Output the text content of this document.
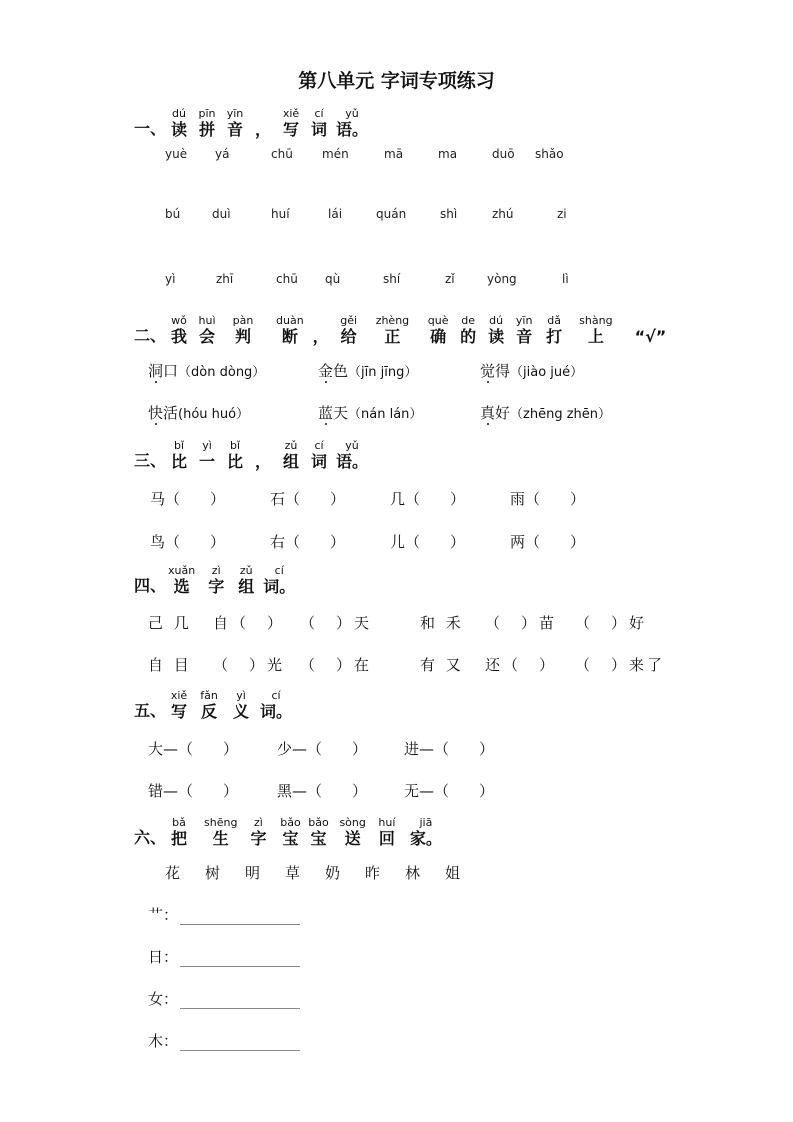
第八单元 字词专项练习
一、
dú
读
pīn
拼
yīn
音 ，
xiě
写
cí
词
yǔ
语。
yuè yá	chū mén	mā	ma	duō shǎo
bú	duì	huí	lái	quán	shì	zhú	zi
yì	zhī	chū qù	shí	zǐ	yòng	lì
二、
wǒ
我
huì
会
pàn
判
duàn
断 ，
gěi
给
zhèng
正
què
确
de
的
dú
读
yīn
音
dǎ
打
shàng
上 “√”
洞口（dòn dòng）	金色（jīn jīng）	觉得（jiào jué）
快活(hóu huó）	蓝天（nán lán）	真好（zhēng zhēn）
三、
bǐ
比
yì
一
bǐ
比 ，
zǔ
组
cí
词
yǔ
语。
马（　　）	石（　　）	几（　　）	雨（　　）
鸟（　　）	右（　　）	儿（　　）	两（　　）
四、
xuǎn
选
zì
字
zǔ
组
cí
词。
己 几 自（　） （　）天	和 禾 （　）苗 （　）好
自 目 （　）光 （　）在	有 又 还（　） （　）来了
五、
xiě
写
fǎn
反
yì
义
cí
词。
大—（　　）	少—（　　） 进—（　　）
错—（　　）	黑—（　　） 无—（　　）
六、
bǎ
把
shēng
生
zì
字
bǎo
宝
bǎo
宝
sòng
送
huí
回
jiā
家。
花 树 明 草 奶 昨 林 姐
艹：
日：
女：
木：
